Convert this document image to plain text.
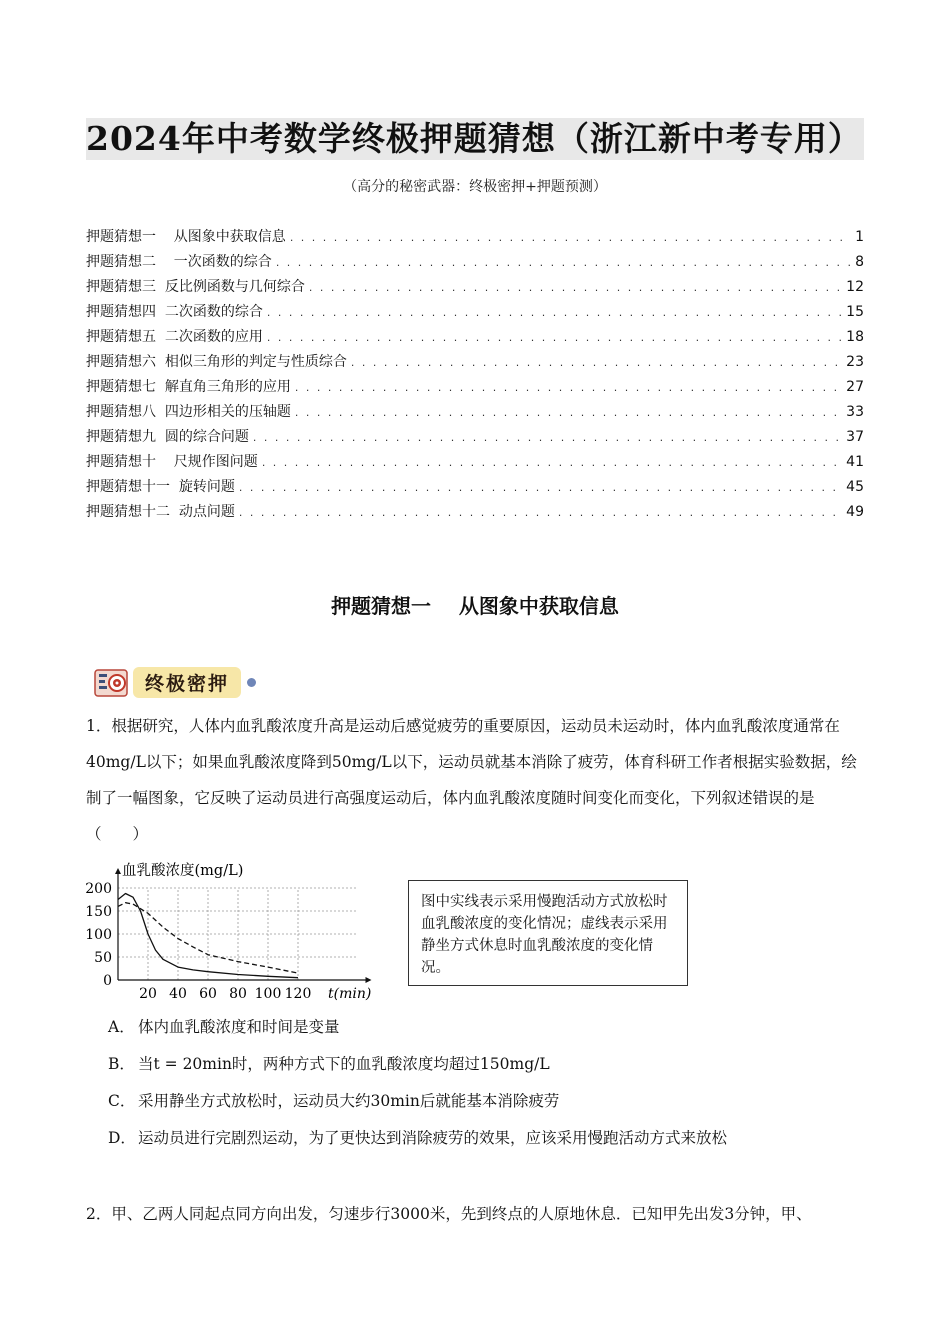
2024年中考数学终极押题猜想（浙江新中考专用）
（高分的秘密武器：终极密押+押题预测）
押题猜想一    从图象中获取信息 . . .	1
押题猜想二    一次函数的综合 . . .	8
押题猜想三  反比例函数与几何综合 . . .	12
押题猜想四  二次函数的综合 . . .	15
押题猜想五  二次函数的应用 . . .	18
押题猜想六  相似三角形的判定与性质综合 . . .	23
押题猜想七  解直角三角形的应用 . . .	27
押题猜想八  四边形相关的压轴题 . . .	33
押题猜想九  圆的综合问题 . . .	37
押题猜想十    尺规作图问题 . . .	41
押题猜想十一  旋转问题 . . .	45
押题猜想十二  动点问题 . . .	49
押题猜想一    从图象中获取信息
终极密押
1．根据研究，人体内血乳酸浓度升高是运动后感觉疲劳的重要原因，运动员未运动时，体内血乳酸浓度通常在40mg/L以下；如果血乳酸浓度降到50mg/L以下，运动员就基本消除了疲劳，体育科研工作者根据实验数据，绘制了一幅图象，它反映了运动员进行高强度运动后，体内血乳酸浓度随时间变化而变化，下列叙述错误的是（　　）
20 40 60 80 100 120
0
50
100
150
200
血乳酸浓度(mg/L)
t(min)
图中实线表示采用慢跑活动方式放松时血乳酸浓度的变化情况；虚线表示采用静坐方式休息时血乳酸浓度的变化情况。
A． 体内血乳酸浓度和时间是变量
B． 当t = 20min时，两种方式下的血乳酸浓度均超过150mg/L
C． 采用静坐方式放松时，运动员大约30min后就能基本消除疲劳
D． 运动员进行完剧烈运动，为了更快达到消除疲劳的效果，应该采用慢跑活动方式来放松
2．甲、乙两人同起点同方向出发，匀速步行3000米，先到终点的人原地休息．已知甲先出发3分钟，甲、
